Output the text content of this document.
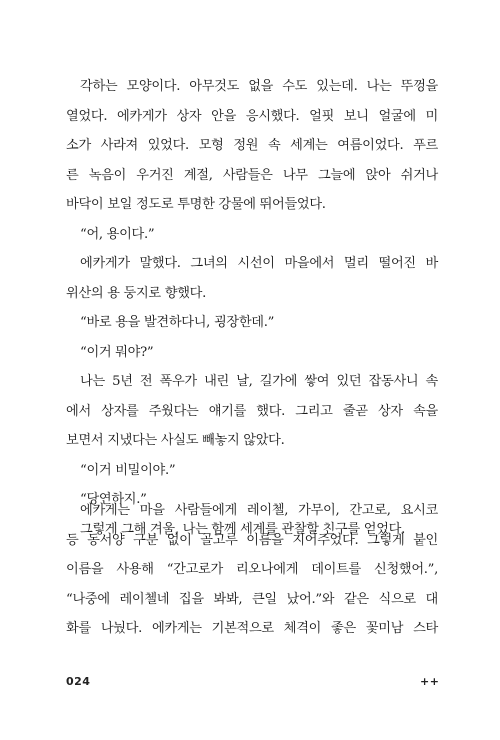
각하는 모양이다. 아무것도 없을 수도 있는데. 나는 뚜껑을
열었다. 에카게가 상자 안을 응시했다. 얼핏 보니 얼굴에 미
소가 사라져 있었다. 모형 정원 속 세계는 여름이었다. 푸르
른 녹음이 우거진 계절, 사람들은 나무 그늘에 앉아 쉬거나
바닥이 보일 정도로 투명한 강물에 뛰어들었다.
“어, 용이다.”
에카게가 말했다. 그녀의 시선이 마을에서 멀리 떨어진 바
위산의 용 둥지로 향했다.
“바로 용을 발견하다니, 굉장한데.”
“이거 뭐야?”
나는 5년 전 폭우가 내린 날, 길가에 쌓여 있던 잡동사니 속
에서 상자를 주웠다는 얘기를 했다. 그리고 줄곧 상자 속을
보면서 지냈다는 사실도 빼놓지 않았다.
“이거 비밀이야.”
“당연하지.”
그렇게 그해 겨울, 나는 함께 세계를 관찰할 친구를 얻었다.
에카게는 마을 사람들에게 레이첼, 가무이, 간고로, 요시코
등 동서양 구분 없이 골고루 이름을 지어주었다. 그렇게 붙인
이름을 사용해 “간고로가 리오나에게 데이트를 신청했어.”,
“나중에 레이첼네 집을 봐봐, 큰일 났어.”와 같은 식으로 대
화를 나눴다. 에카게는 기본적으로 체격이 좋은 꽃미남 스타
024	++
